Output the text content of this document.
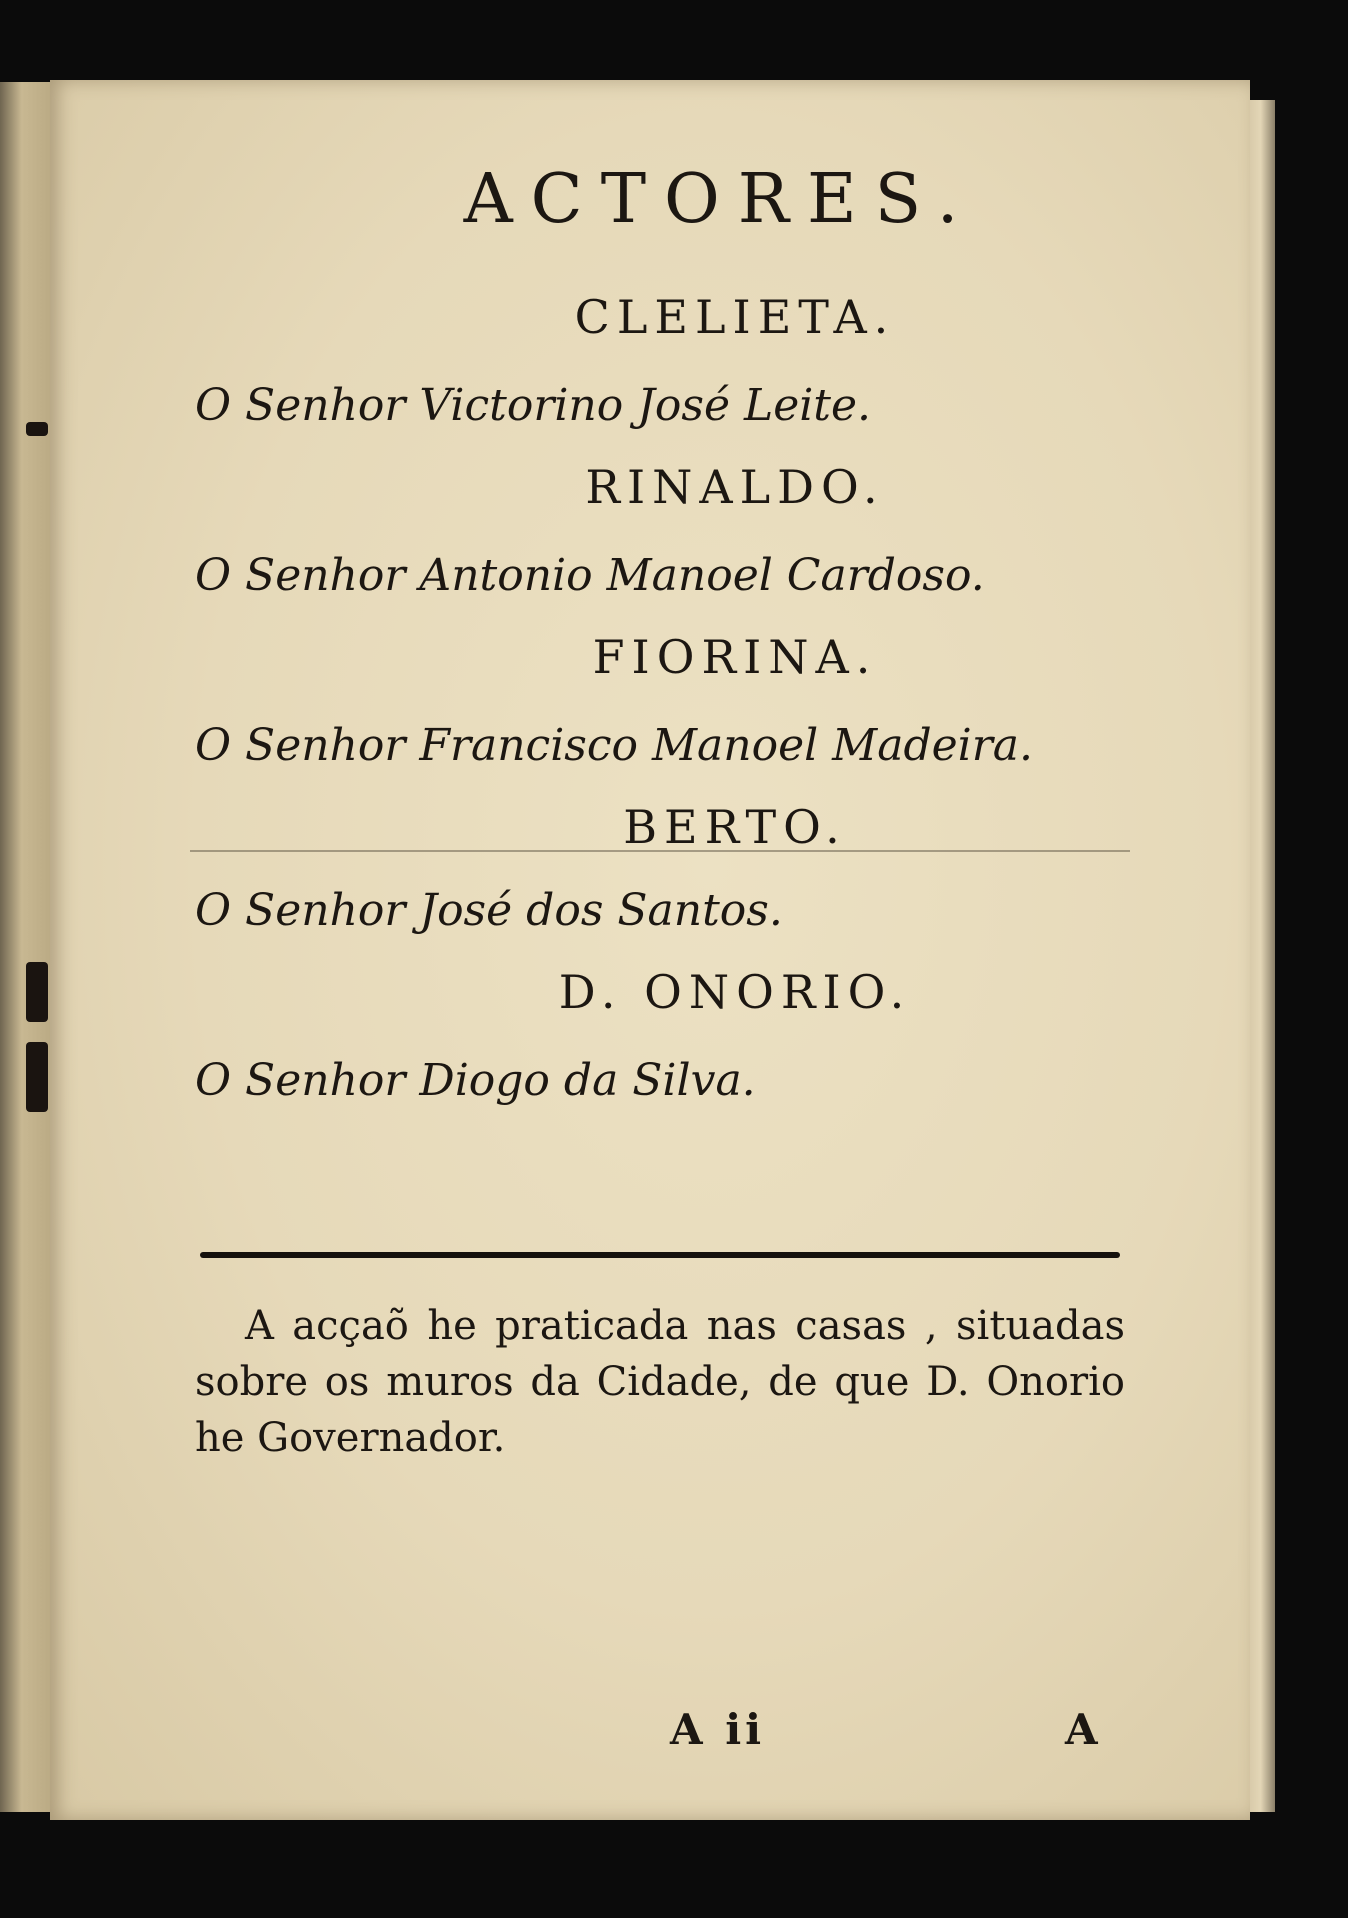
ACTORES.
CLELIETA.
O Senhor Victorino José Leite.
RINALDO.
O Senhor Antonio Manoel Cardoso.
FIORINA.
O Senhor Francisco Manoel Madeira.
BERTO.
O Senhor José dos Santos.
D. ONORIO.
O Senhor Diogo da Silva.
A acçaõ he praticada nas casas , situadas sobre os muros da Cidade, de que D. Onorio he Governador.
A ii	A
